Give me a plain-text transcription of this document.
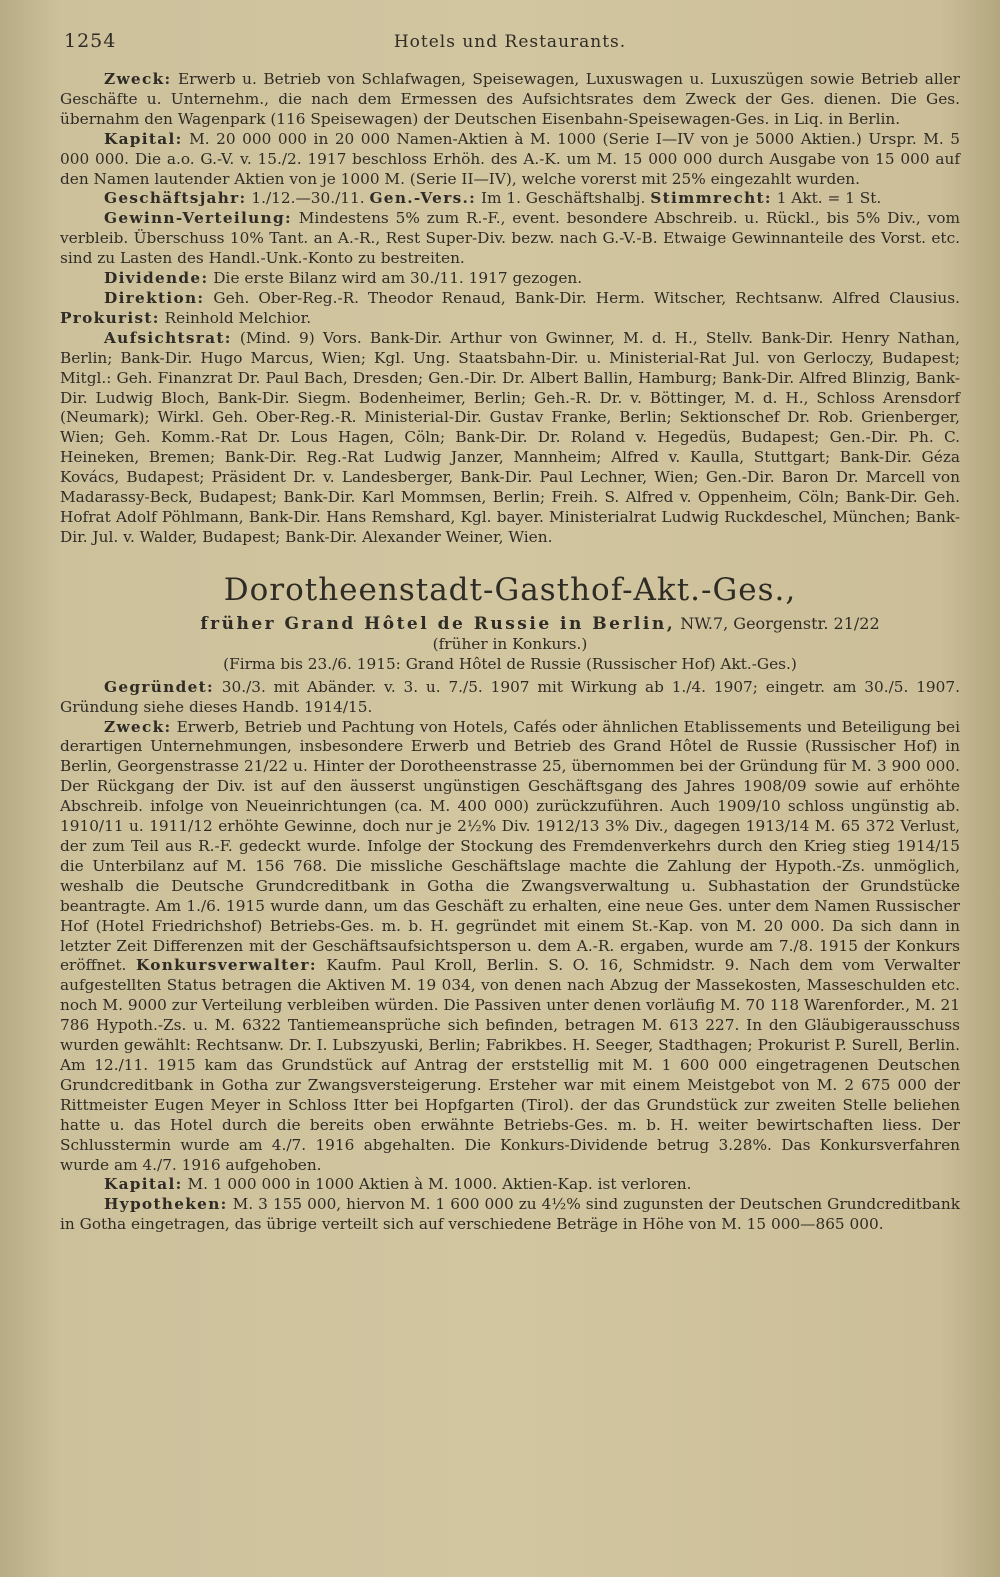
1254	Hotels und Restaurants.

Zweck: Erwerb u. Betrieb von Schlafwagen, Speisewagen, Luxuswagen u. Luxuszügen sowie Betrieb aller Geschäfte u. Unternehm., die nach dem Ermessen des Aufsichtsrates dem Zweck der Ges. dienen. Die Ges. übernahm den Wagenpark (116 Speisewagen) der Deutschen Eisenbahn-Speisewagen-Ges. in Liq. in Berlin.

Kapital: M. 20 000 000 in 20 000 Namen-Aktien à M. 1000 (Serie I—IV von je 5000 Aktien.) Urspr. M. 5 000 000. Die a.o. G.-V. v. 15./2. 1917 beschloss Erhöh. des A.-K. um M. 15 000 000 durch Ausgabe von 15 000 auf den Namen lautender Aktien von je 1000 M. (Serie II—IV), welche vorerst mit 25% eingezahlt wurden.

Geschäftsjahr: 1./12.—30./11. Gen.-Vers.: Im 1. Geschäftshalbj. Stimmrecht: 1 Akt. = 1 St.

Gewinn-Verteilung: Mindestens 5% zum R.-F., event. besondere Abschreib. u. Rückl., bis 5% Div., vom verbleib. Überschuss 10% Tant. an A.-R., Rest Super-Div. bezw. nach G.-V.-B. Etwaige Gewinnanteile des Vorst. etc. sind zu Lasten des Handl.-Unk.-Konto zu bestreiten.

Dividende: Die erste Bilanz wird am 30./11. 1917 gezogen.

Direktion: Geh. Ober-Reg.-R. Theodor Renaud, Bank-Dir. Herm. Witscher, Rechtsanw. Alfred Clausius. Prokurist: Reinhold Melchior.

Aufsichtsrat: (Mind. 9) Vors. Bank-Dir. Arthur von Gwinner, M. d. H., Stellv. Bank-Dir. Henry Nathan, Berlin; Bank-Dir. Hugo Marcus, Wien; Kgl. Ung. Staatsbahn-Dir. u. Ministerial-Rat Jul. von Gerloczy, Budapest; Mitgl.: Geh. Finanzrat Dr. Paul Bach, Dresden; Gen.-Dir. Dr. Albert Ballin, Hamburg; Bank-Dir. Alfred Blinzig, Bank-Dir. Ludwig Bloch, Bank-Dir. Siegm. Bodenheimer, Berlin; Geh.-R. Dr. v. Böttinger, M. d. H., Schloss Arensdorf (Neumark); Wirkl. Geh. Ober-Reg.-R. Ministerial-Dir. Gustav Franke, Berlin; Sektionschef Dr. Rob. Grienberger, Wien; Geh. Komm.-Rat Dr. Lous Hagen, Cöln; Bank-Dir. Dr. Roland v. Hegedüs, Budapest; Gen.-Dir. Ph. C. Heineken, Bremen; Bank-Dir. Reg.-Rat Ludwig Janzer, Mannheim; Alfred v. Kaulla, Stuttgart; Bank-Dir. Géza Kovács, Budapest; Präsident Dr. v. Landesberger, Bank-Dir. Paul Lechner, Wien; Gen.-Dir. Baron Dr. Marcell von Madarassy-Beck, Budapest; Bank-Dir. Karl Mommsen, Berlin; Freih. S. Alfred v. Oppenheim, Cöln; Bank-Dir. Geh. Hofrat Adolf Pöhlmann, Bank-Dir. Hans Remshard, Kgl. bayer. Ministerialrat Ludwig Ruckdeschel, München; Bank-Dir. Jul. v. Walder, Budapest; Bank-Dir. Alexander Weiner, Wien.

Dorotheenstadt-Gasthof-Akt.-Ges.,
früher Grand Hôtel de Russie in Berlin, NW.7, Georgenstr. 21/22
(früher in Konkurs.)
(Firma bis 23./6. 1915: Grand Hôtel de Russie (Russischer Hof) Akt.-Ges.)

Gegründet: 30./3. mit Abänder. v. 3. u. 7./5. 1907 mit Wirkung ab 1./4. 1907; eingetr. am 30./5. 1907. Gründung siehe dieses Handb. 1914/15.

Zweck: Erwerb, Betrieb und Pachtung von Hotels, Cafés oder ähnlichen Etablissements und Beteiligung bei derartigen Unternehmungen, insbesondere Erwerb und Betrieb des Grand Hôtel de Russie (Russischer Hof) in Berlin, Georgenstrasse 21/22 u. Hinter der Dorotheenstrasse 25, übernommen bei der Gründung für M. 3 900 000. Der Rückgang der Div. ist auf den äusserst ungünstigen Geschäftsgang des Jahres 1908/09 sowie auf erhöhte Abschreib. infolge von Neueinrichtungen (ca. M. 400 000) zurückzuführen. Auch 1909/10 schloss ungünstig ab. 1910/11 u. 1911/12 erhöhte Gewinne, doch nur je 2½% Div. 1912/13 3% Div., dagegen 1913/14 M. 65 372 Verlust, der zum Teil aus R.-F. gedeckt wurde. Infolge der Stockung des Fremdenverkehrs durch den Krieg stieg 1914/15 die Unterbilanz auf M. 156 768. Die missliche Geschäftslage machte die Zahlung der Hypoth.-Zs. unmöglich, weshalb die Deutsche Grundcreditbank in Gotha die Zwangsverwaltung u. Subhastation der Grundstücke beantragte. Am 1./6. 1915 wurde dann, um das Geschäft zu erhalten, eine neue Ges. unter dem Namen Russischer Hof (Hotel Friedrichshof) Betriebs-Ges. m. b. H. gegründet mit einem St.-Kap. von M. 20 000. Da sich dann in letzter Zeit Differenzen mit der Geschäftsaufsichtsperson u. dem A.-R. ergaben, wurde am 7./8. 1915 der Konkurs eröffnet. Konkursverwalter: Kaufm. Paul Kroll, Berlin. S. O. 16, Schmidstr. 9. Nach dem vom Verwalter aufgestellten Status betragen die Aktiven M. 19 034, von denen nach Abzug der Massekosten, Masseschulden etc. noch M. 9000 zur Verteilung verbleiben würden. Die Passiven unter denen vorläufig M. 70 118 Warenforder., M. 21 786 Hypoth.-Zs. u. M. 6322 Tantiemeansprüche sich befinden, betragen M. 613 227. In den Gläubigerausschuss wurden gewählt: Rechtsanw. Dr. I. Lubszyuski, Berlin; Fabrikbes. H. Seeger, Stadthagen; Prokurist P. Surell, Berlin. Am 12./11. 1915 kam das Grundstück auf Antrag der erststellig mit M. 1 600 000 eingetragenen Deutschen Grundcreditbank in Gotha zur Zwangsversteigerung. Ersteher war mit einem Meistgebot von M. 2 675 000 der Rittmeister Eugen Meyer in Schloss Itter bei Hopfgarten (Tirol). der das Grundstück zur zweiten Stelle beliehen hatte u. das Hotel durch die bereits oben erwähnte Betriebs-Ges. m. b. H. weiter bewirtschaften liess. Der Schlusstermin wurde am 4./7. 1916 abgehalten. Die Konkurs-Dividende betrug 3.28%. Das Konkursverfahren wurde am 4./7. 1916 aufgehoben.

Kapital: M. 1 000 000 in 1000 Aktien à M. 1000. Aktien-Kap. ist verloren.

Hypotheken: M. 3 155 000, hiervon M. 1 600 000 zu 4½% sind zugunsten der Deutschen Grundcreditbank in Gotha eingetragen, das übrige verteilt sich auf verschiedene Beträge in Höhe von M. 15 000—865 000.
